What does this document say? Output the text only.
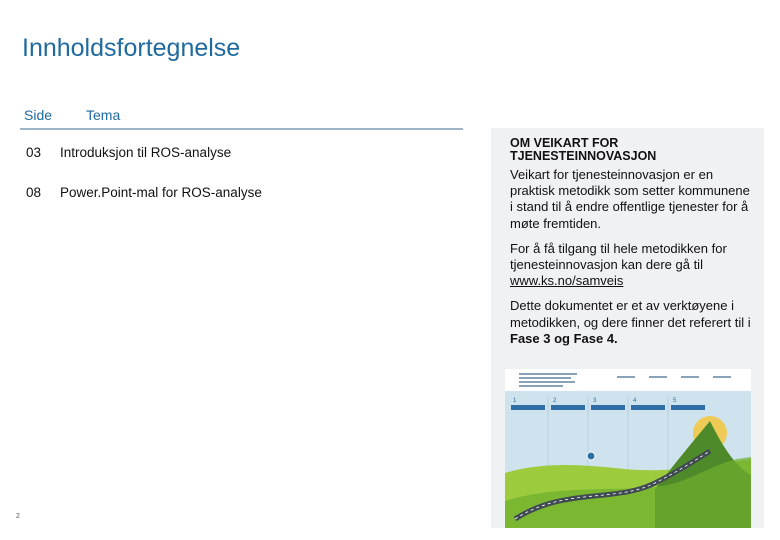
Innholdsfortegnelse
Side Tema
03 Introduksjon til ROS-analyse
08 Power.Point-mal for ROS-analyse
OM VEIKART FOR
TJENESTEINNOVASJON

Veikart for tjenesteinnovasjon er en praktisk metodikk som setter kommunene i stand til å endre offentlige tjenester for å møte fremtiden.

For å få tilgang til hele metodikken for tjenesteinnovasjon kan dere gå til www.ks.no/samveis

Dette dokumentet er et av verktøyene i metodikken, og dere finner det referert til i Fase 3 og Fase 4.

1	2	3	4	5
2
